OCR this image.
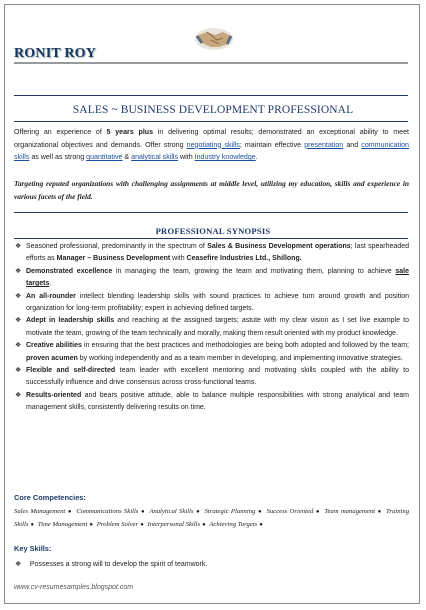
RONIT ROY
SALES ~ BUSINESS DEVELOPMENT PROFESSIONAL
Offering an experience of 5 years plus in delivering optimal results; demonstrated an exceptional ability to meet organizational objectives and demands. Offer strong negotiating skills; maintain effective presentation and communication skills as well as strong quantitative & analytical skills with Industry knowledge.
Targeting reputed organizations with challenging assignments at middle level, utilizing my education, skills and experience in various facets of the field.
PROFESSIONAL SYNOPSIS
❖ Seasoned professional, predominantly in the spectrum of Sales & Business Development operations; last spearheaded efforts as Manager – Business Development with Ceasefire Industries Ltd., Shillong.
❖ Demonstrated excellence in managing the team, growing the team and motivating them, planning to achieve sale targets.
❖ An all-rounder intellect blending leadership skills with sound practices to achieve turn around growth and position organization for long-term profitability; expert in achieving defined targets.
❖ Adept in leadership skills and reaching at the assigned targets; astute with my clear vision as I set live example to motivate the team, growing of the team technically and morally, making them result oriented with my product knowledge.
❖ Creative abilities in ensuring that the best practices and methodologies are being both adopted and followed by the team; proven acumen by working independently and as a team member in developing, and implementing innovative strategies.
❖ Flexible and self-directed team leader with excellent mentoring and motivating skills coupled with the ability to successfully influence and drive consensus across cross-functional teams.
❖ Results-oriented and bears positive attitude, able to balance multiple responsibilities with strong analytical and team management skills, consistently delivering results on time.
Core Competencies:
Sales Management ● Communications Skills ● Analytical Skills ● Strategic Planning ● Success Oriented ● Team management ● Training Skills ● Time Management ● Problem Solver ● Interpersonal Skills ● Achieving Targets ●
Key Skills:
❖ Possesses a strong will to develop the spirit of teamwork.
www.cv-resumesamples.blogspot.com
